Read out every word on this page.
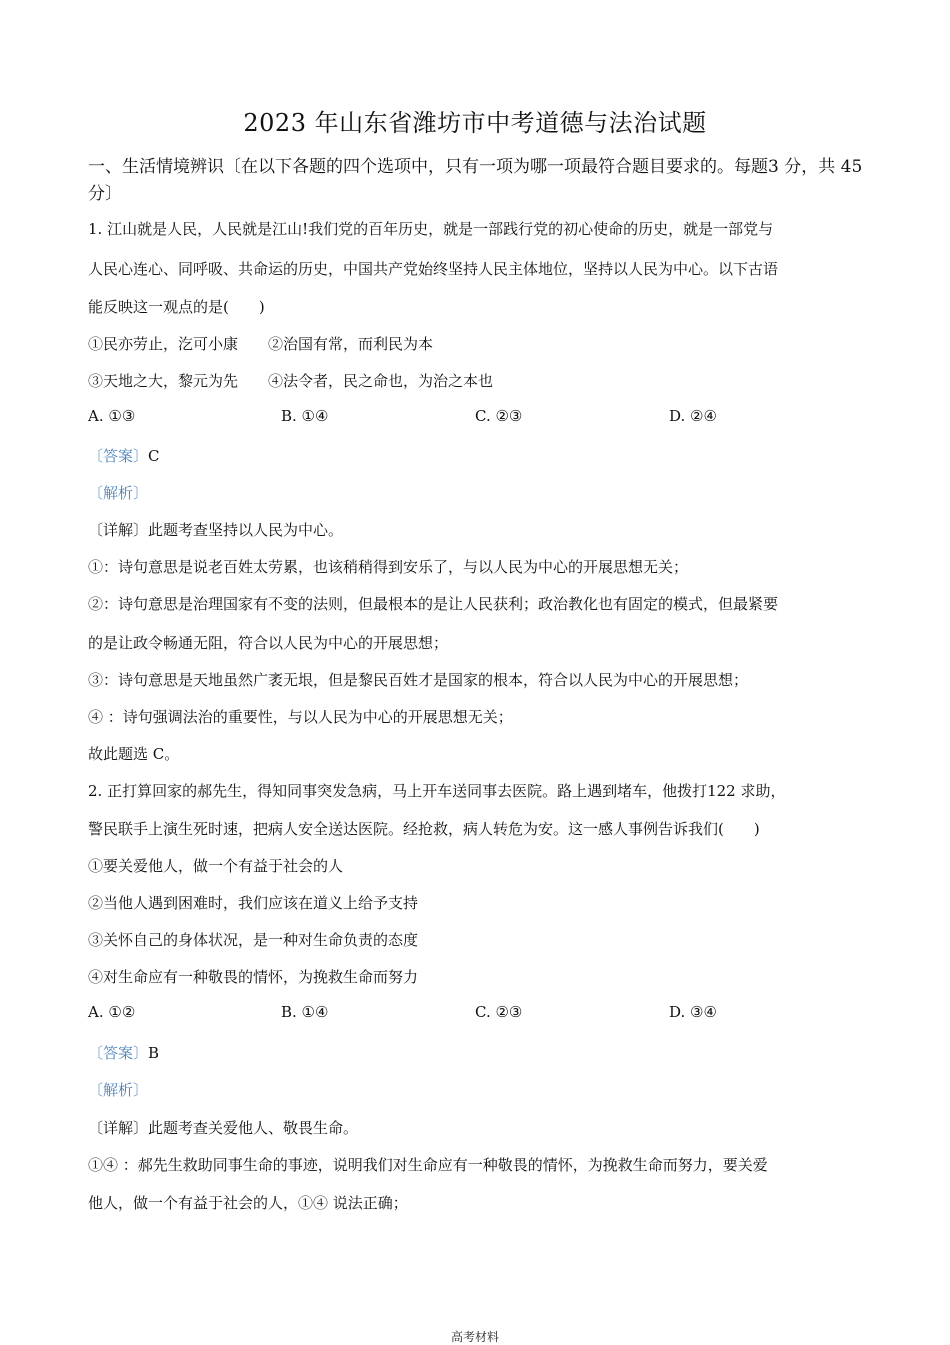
2023 年山东省潍坊市中考道德与法治试题
一、生活情境辨识〔在以下各题的四个选项中，只有一项为哪一项最符合题目要求的。每题3 分，共 45 分〕
1. 江山就是人民，人民就是江山!我们党的百年历史，就是一部践行党的初心使命的历史，就是一部党与
人民心连心、同呼吸、共命运的历史，中国共产党始终坚持人民主体地位，坚持以人民为中心。以下古语
能反映这一观点的是(　　)
①民亦劳止，汔可小康　　②治国有常，而利民为本
③天地之大，黎元为先　　④法令者，民之命也，为治之本也
A. ①③	B. ①④	C. ②③	D. ②④
〔答案〕C
〔解析〕
〔详解〕此题考查坚持以人民为中心。
①：诗句意思是说老百姓太劳累，也该稍稍得到安乐了，与以人民为中心的开展思想无关；
②：诗句意思是治理国家有不变的法则，但最根本的是让人民获利；政治教化也有固定的模式，但最紧要
的是让政令畅通无阻，符合以人民为中心的开展思想；
③：诗句意思是天地虽然广袤无垠，但是黎民百姓才是国家的根本，符合以人民为中心的开展思想；
④ ：诗句强调法治的重要性，与以人民为中心的开展思想无关；
故此题选 C。
2. 正打算回家的郝先生，得知同事突发急病，马上开车送同事去医院。路上遇到堵车，他拨打122 求助，
警民联手上演生死时速，把病人安全送达医院。经抢救，病人转危为安。这一感人事例告诉我们(　　)
①要关爱他人，做一个有益于社会的人
②当他人遇到困难时，我们应该在道义上给予支持
③关怀自己的身体状况，是一种对生命负责的态度
④对生命应有一种敬畏的情怀，为挽救生命而努力
A. ①②	B. ①④	C. ②③	D. ③④
〔答案〕B
〔解析〕
〔详解〕此题考查关爱他人、敬畏生命。
①④ ：郝先生救助同事生命的事迹，说明我们对生命应有一种敬畏的情怀，为挽救生命而努力，要关爱
他人，做一个有益于社会的人，①④ 说法正确；
高考材料
